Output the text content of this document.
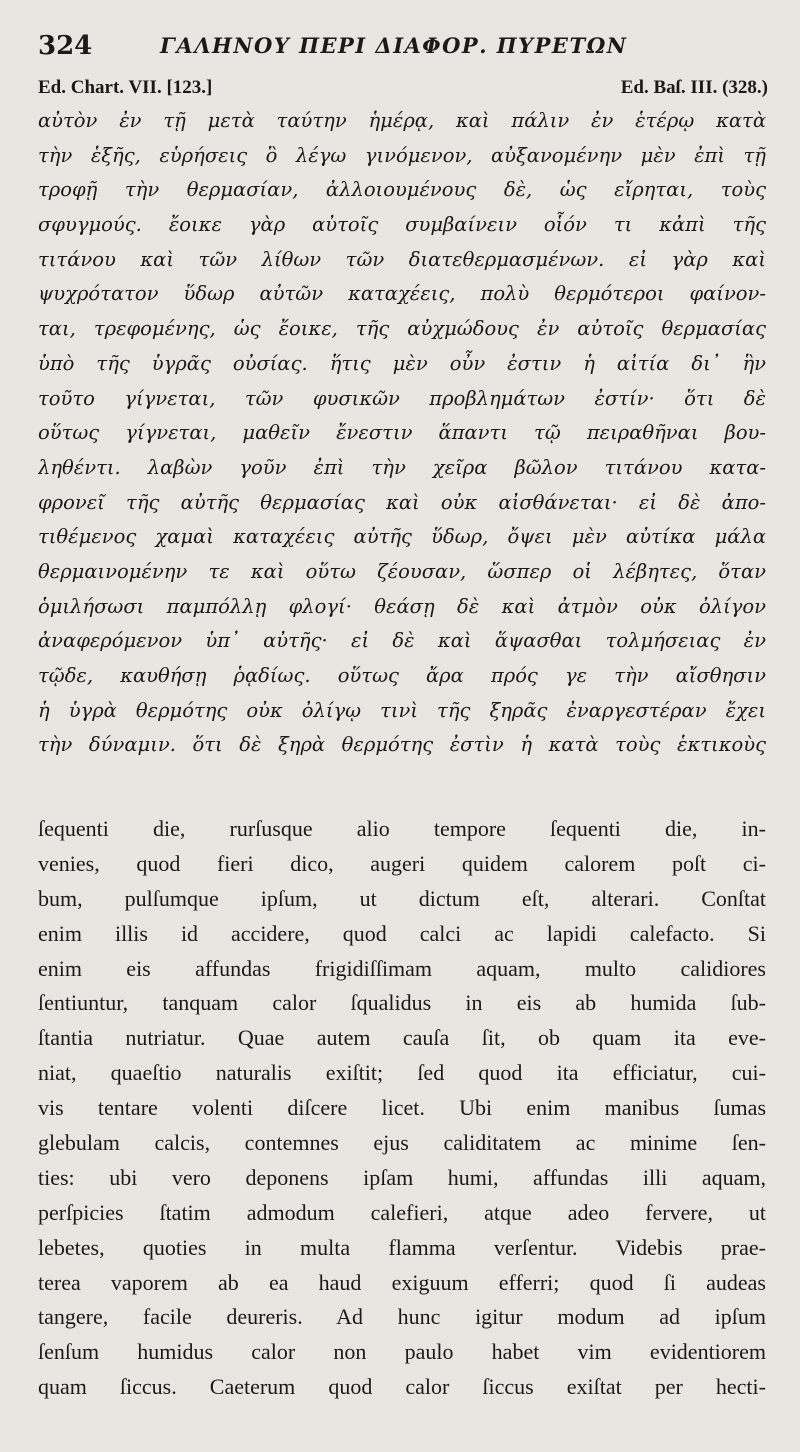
324	ΓΑΛΗΝΟΥ ΠΕΡΙ ΔΙΑΦΟΡ. ΠΥΡΕΤΩΝ
Ed. Chart. VII. [123.]	Ed. Baſ. III. (328.)
αὐτὸν ἐν τῇ μετὰ ταύτην ἡμέρᾳ, καὶ πάλιν ἐν ἑτέρῳ κατὰ
τὴν ἑξῆς, εὑρήσεις ὃ λέγω γινόμενον, αὐξανομένην μὲν ἐπὶ τῇ
τροφῇ τὴν θερμασίαν, ἀλλοιουμένους δὲ, ὡς εἴρηται, τοὺς
σφυγμούς. ἔοικε γὰρ αὐτοῖς συμβαίνειν οἷόν τι κἀπὶ τῆς
τιτάνου καὶ τῶν λίθων τῶν διατεθερμασμένων. εἰ γὰρ καὶ
ψυχρότατον ὕδωρ αὐτῶν καταχέεις, πολὺ θερμότεροι φαίνον-
ται, τρεφομένης, ὡς ἔοικε, τῆς αὐχμώδους ἐν αὐτοῖς θερμασίας
ὑπὸ τῆς ὑγρᾶς οὐσίας. ἥτις μὲν οὖν ἐστιν ἡ αἰτία δι᾽ ἣν
τοῦτο γίγνεται, τῶν φυσικῶν προβλημάτων ἐστίν· ὅτι δὲ
οὕτως γίγνεται, μαθεῖν ἔνεστιν ἅπαντι τῷ πειραθῆναι βου-
ληθέντι. λαβὼν γοῦν ἐπὶ τὴν χεῖρα βῶλον τιτάνου κατα-
φρονεῖ τῆς αὐτῆς θερμασίας καὶ οὐκ αἰσθάνεται· εἰ δὲ ἀπο-
τιθέμενος χαμαὶ καταχέεις αὐτῆς ὕδωρ, ὄψει μὲν αὐτίκα μάλα
θερμαινομένην τε καὶ οὕτω ζέουσαν, ὥσπερ οἱ λέβητες, ὅταν
ὁμιλήσωσι παμπόλλῃ φλογί· θεάσῃ δὲ καὶ ἀτμὸν οὐκ ὀλίγον
ἀναφερόμενον ὑπ᾽ αὐτῆς· εἰ δὲ καὶ ἅψασθαι τολμήσειας ἐν
τῷδε, καυθήσῃ ῥᾳδίως. οὕτως ἄρα πρός γε τὴν αἴσθησιν
ἡ ὑγρὰ θερμότης οὐκ ὀλίγῳ τινὶ τῆς ξηρᾶς ἐναργεστέραν ἔχει
τὴν δύναμιν. ὅτι δὲ ξηρὰ θερμότης ἐστὶν ἡ κατὰ τοὺς ἑκτικοὺς
ſequenti die, rurſusque alio tempore ſequenti die, in-
venies, quod fieri dico, augeri quidem calorem poſt ci-
bum, pulſumque ipſum, ut dictum eſt, alterari. Conſtat
enim illis id accidere, quod calci ac lapidi calefacto. Si
enim eis affundas frigidiſſimam aquam, multo calidiores
ſentiuntur, tanquam calor ſqualidus in eis ab humida ſub-
ſtantia nutriatur. Quae autem cauſa ſit, ob quam ita eve-
niat, quaeſtio naturalis exiſtit; ſed quod ita efficiatur, cui-
vis tentare volenti diſcere licet. Ubi enim manibus ſumas
glebulam calcis, contemnes ejus caliditatem ac minime ſen-
ties: ubi vero deponens ipſam humi, affundas illi aquam,
perſpicies ſtatim admodum calefieri, atque adeo fervere, ut
lebetes, quoties in multa flamma verſentur. Videbis prae-
terea vaporem ab ea haud exiguum efferri; quod ſi audeas
tangere, facile deureris. Ad hunc igitur modum ad ipſum
ſenſum humidus calor non paulo habet vim evidentiorem
quam ſiccus. Caeterum quod calor ſiccus exiſtat per hecti-
